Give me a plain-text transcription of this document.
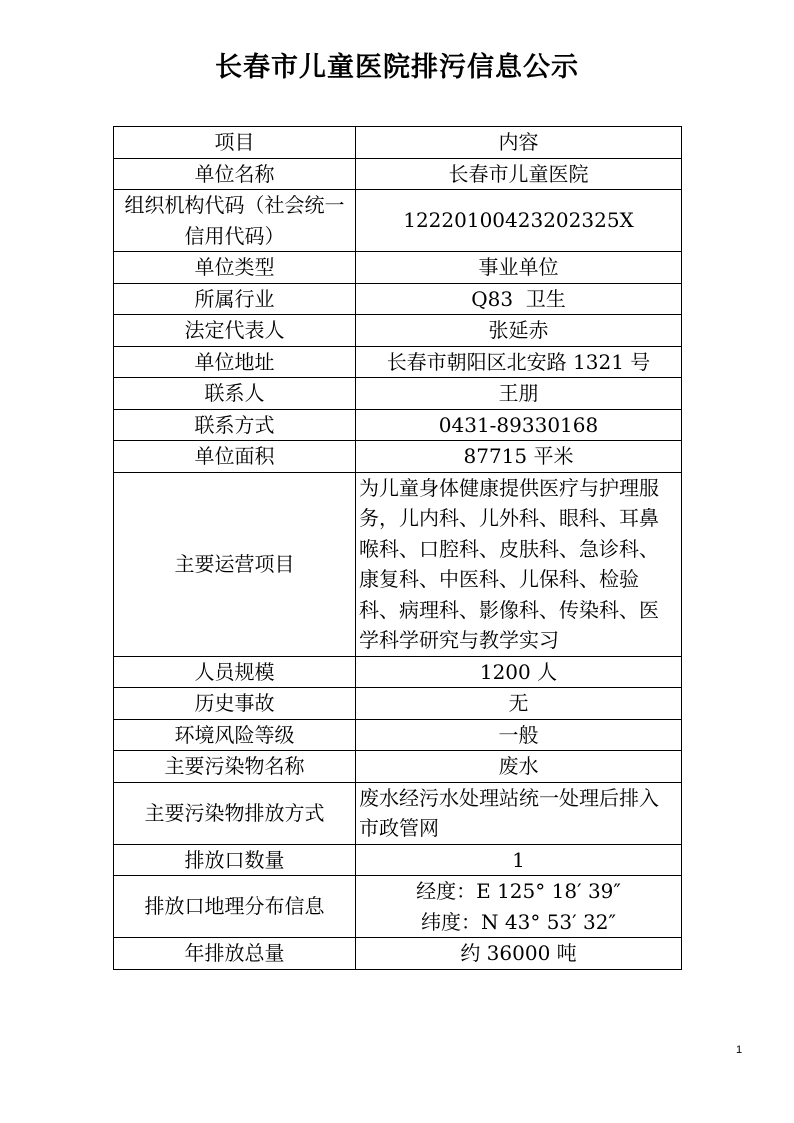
长春市儿童医院排污信息公示
项目	内容
单位名称	长春市儿童医院
组织机构代码（社会统一信用代码）	12220100423202325X
单位类型	事业单位
所属行业	Q83  卫生
法定代表人	张延赤
单位地址	长春市朝阳区北安路 1321 号
联系人	王朋
联系方式	0431-89330168
单位面积	87715 平米
主要运营项目	为儿童身体健康提供医疗与护理服务，儿内科、儿外科、眼科、耳鼻喉科、口腔科、皮肤科、急诊科、康复科、中医科、儿保科、检验科、病理科、影像科、传染科、医学科学研究与教学实习
人员规模	1200 人
历史事故	无
环境风险等级	一般
主要污染物名称	废水
主要污染物排放方式	废水经污水处理站统一处理后排入市政管网
排放口数量	1
排放口地理分布信息	经度：E 125° 18′ 39″
纬度：N 43° 53′ 32″

年排放总量	约 36000 吨
1
